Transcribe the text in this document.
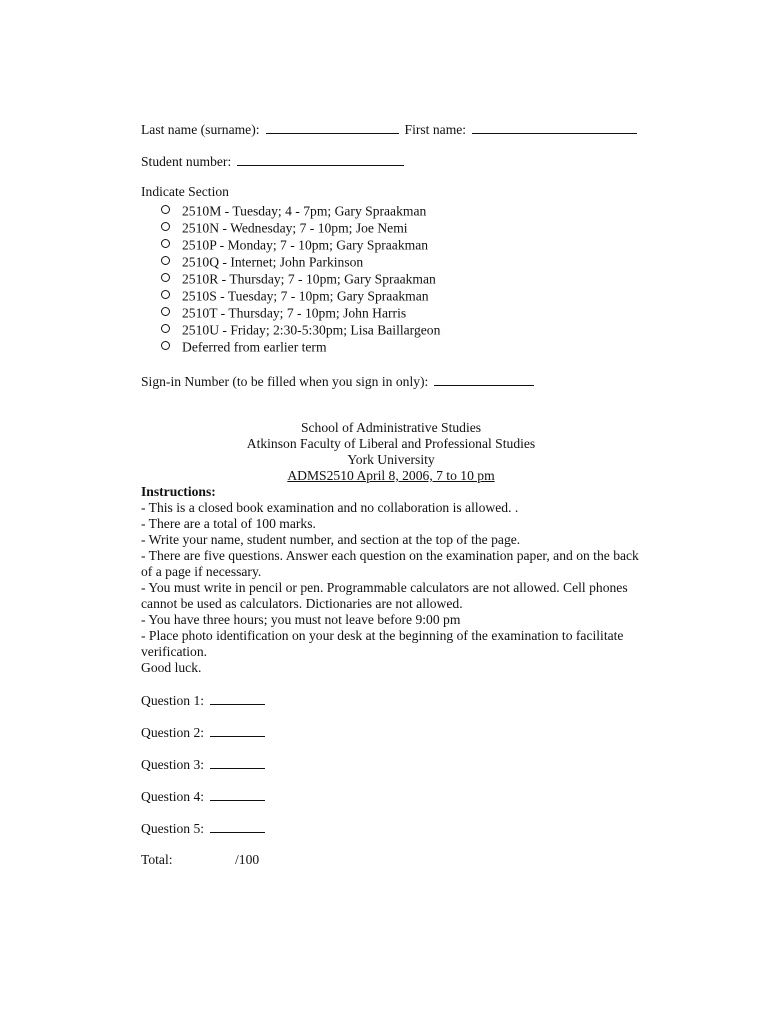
Last name (surname):	First name:
Student number:
Indicate Section
2510M - Tuesday; 4 - 7pm; Gary Spraakman
2510N - Wednesday; 7 - 10pm; Joe Nemi
2510P - Monday; 7 - 10pm; Gary Spraakman
2510Q - Internet; John Parkinson
2510R - Thursday; 7 - 10pm; Gary Spraakman
2510S - Tuesday; 7 - 10pm; Gary Spraakman
2510T - Thursday; 7 - 10pm; John Harris
2510U - Friday; 2:30-5:30pm; Lisa Baillargeon
Deferred from earlier term
Sign-in Number (to be filled when you sign in only):
School of Administrative Studies
Atkinson Faculty of Liberal and Professional Studies
York University
ADMS2510 April 8, 2006, 7 to 10 pm
Instructions:
- This is a closed book examination and no collaboration is allowed. .
- There are a total of 100 marks.
- Write your name, student number, and section at the top of the page.
- There are five questions. Answer each question on the examination paper, and on the back of a page if necessary.
- You must write in pencil or pen. Programmable calculators are not allowed. Cell phones cannot be used as calculators. Dictionaries are not allowed.
- You have three hours; you must not leave before 9:00 pm
- Place photo identification on your desk at the beginning of the examination to facilitate verification.
Good luck.
Question 1:
Question 2:
Question 3:
Question 4:
Question 5:
Total:	/100
